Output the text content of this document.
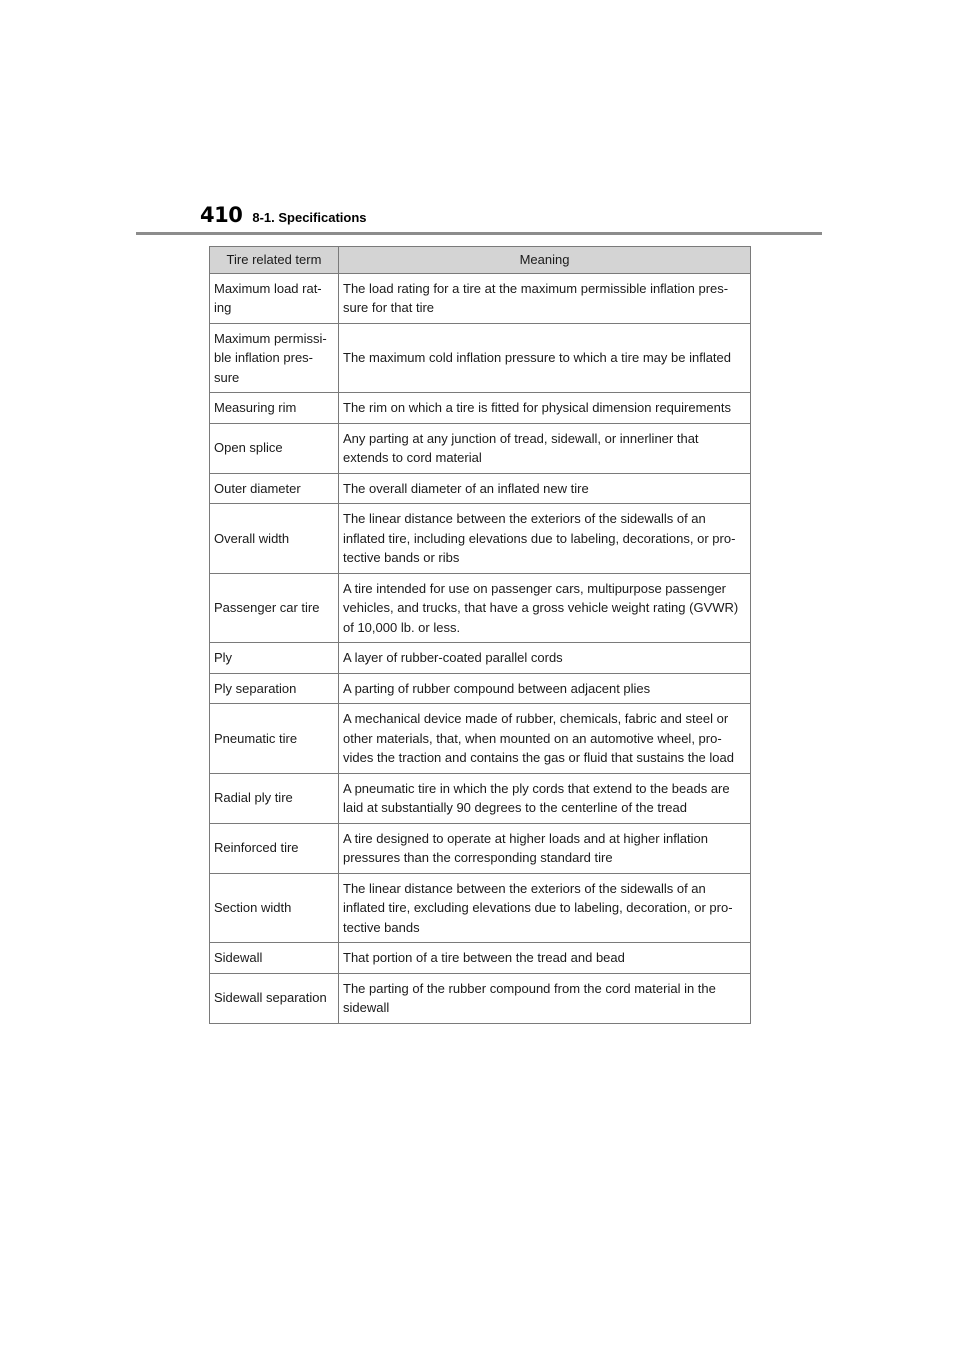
410 8-1. Specifications
Tire related term	Meaning
Maximum load rat-
ing	The load rating for a tire at the maximum permissible inflation pres-
sure for that tire
Maximum permissi-
ble inflation pres-
sure	The maximum cold inflation pressure to which a tire may be inflated
Measuring rim	The rim on which a tire is fitted for physical dimension requirements
Open splice	Any parting at any junction of tread, sidewall, or innerliner that
extends to cord material
Outer diameter	The overall diameter of an inflated new tire
Overall width	The linear distance between the exteriors of the sidewalls of an
inflated tire, including elevations due to labeling, decorations, or pro-
tective bands or ribs
Passenger car tire	A tire intended for use on passenger cars, multipurpose passenger
vehicles, and trucks, that have a gross vehicle weight rating (GVWR)
of 10,000 lb. or less.
Ply	A layer of rubber-coated parallel cords
Ply separation	A parting of rubber compound between adjacent plies
Pneumatic tire	A mechanical device made of rubber, chemicals, fabric and steel or
other materials, that, when mounted on an automotive wheel, pro-
vides the traction and contains the gas or fluid that sustains the load
Radial ply tire	A pneumatic tire in which the ply cords that extend to the beads are
laid at substantially 90 degrees to the centerline of the tread
Reinforced tire	A tire designed to operate at higher loads and at higher inflation
pressures than the corresponding standard tire
Section width	The linear distance between the exteriors of the sidewalls of an
inflated tire, excluding elevations due to labeling, decoration, or pro-
tective bands
Sidewall	That portion of a tire between the tread and bead
Sidewall separation	The parting of the rubber compound from the cord material in the
sidewall
